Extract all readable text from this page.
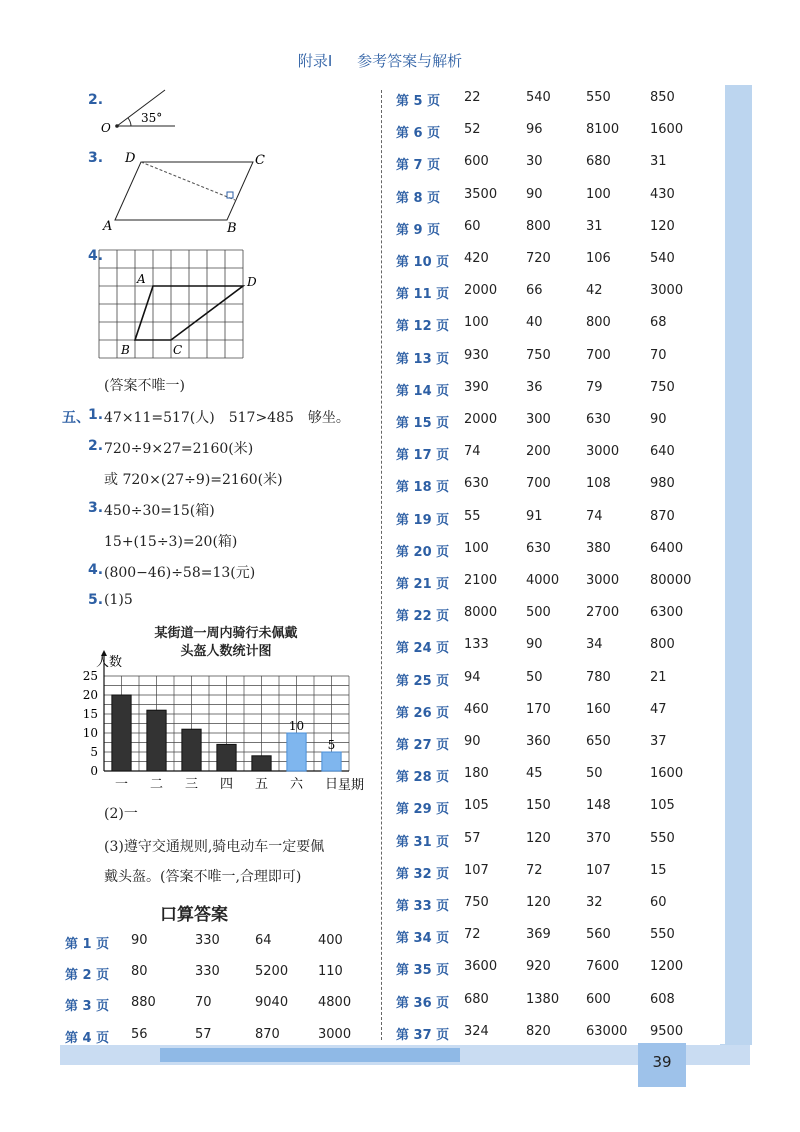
附录Ⅰ 参考答案与解析
2.
O
35°
3.
A	B
C
D
4.
A
B	C
D
(答案不唯一)
五、
1. 47×11=517(人)　517>485　够坐。
2. 720÷9×27=2160(米)
或 720×(27÷9)=2160(米)
3. 450÷30=15(箱)
15+(15÷3)=20(箱)
4. (800−46)÷58=13(元)
5. (1)5
某街道一周内骑行未佩戴
头盔人数统计图
0
5
10
15
20
25
一 二 三 四 五 六
10
日
5
人数
星期
(2)一
(3)遵守交通规则,骑电动车一定要佩
戴头盔。(答案不唯一,合理即可)
口算答案
第 1 页 90	330	64	400
第 2 页 80	330	5200 110
第 3 页 880	70	9040 4800
第 4 页 56	57	870	3000
第 5 页 22	540	550	850
第 6 页 52	96	8100 1600
第 7 页 600	30	680	31
第 8 页 3500 90	100	430
第 9 页 60	800	31	120
第 10 页 420	720	106	540
第 11 页 2000 66	42	3000
第 12 页 100	40	800	68
第 13 页 930	750	700	70
第 14 页 390	36	79	750
第 15 页 2000 300	630	90
第 17 页 74	200	3000 640
第 18 页 630	700	108	980
第 19 页 55	91	74	870
第 20 页 100	630	380	6400
第 21 页 2100 4000 3000 80000
第 22 页 8000 500	2700 6300
第 24 页 133	90	34	800
第 25 页 94	50	780	21
第 26 页 460	170	160	47
第 27 页 90	360	650	37
第 28 页 180	45	50	1600
第 29 页 105	150	148	105
第 31 页 57	120	370	550
第 32 页 107	72	107	15
第 33 页 750	120	32	60
第 34 页 72	369	560	550
第 35 页 3600 920	7600 1200
第 36 页 680	1380 600	608
第 37 页 324	820	63000 9500
39
